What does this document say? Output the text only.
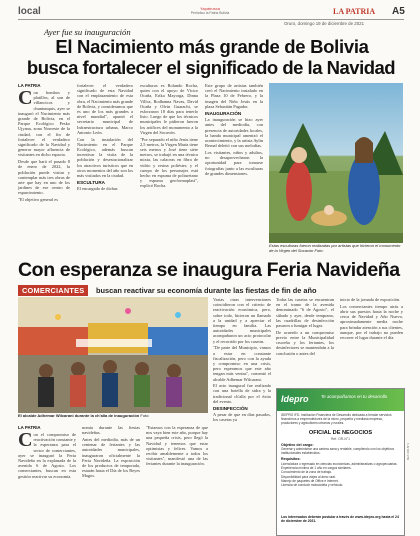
local	Yapatrusca
Periódico la Patria Bolivia	LA PATRIA A5
Oruro, domingo 19 de diciembre de 2021
Ayer fue su inauguración
El Nacimiento más grande de Bolivia
busca fortalecer el significado de la Navidad
LA PATRIA

Con bombos y platillos, al son de villancicos y chuntunquis, ayer se inauguró el Nacimiento más grande de Bolivia, en el Parque Ecológico Pesko Ujyana, zona Noroeste de la ciudad, con el fin de fortalecer el verdadero significado de la Navidad y generar mayor afluencia de visitantes en dicho espacio.

Desde que hará el pasado 8 de enero de 2022, la población puede visitar y contemplar más tres obras de arte que hay en uno de los jardines de ese centro de esparcimiento.

"El objetivo general es

fortalecer el verdadero significado de esta Navidad con el emplazamiento de esta obra, el Nacimiento más grande de Bolivia, y consideramos que es uno de los más grandes a nivel mundial", apuntó el secretario municipal de Infraestructura urbana, Marco Antonio León.

Con la instalación del Nacimiento en el Parque Ecológico, además buscan incentivar la visita de la población y desestacionalizar los atractivos turísticos que en otros momentos del año son los más visitados en la ciudad.

ESCULTURA

El encargado de dichas

esculturas es Rolando Rocha, quien con el apoyo de Víctor Ocaña, Erika Mayorga, Dinna Villca, Rodhanna Navas, David Ocaña y Olvin Guarachi, se esforzaron 18 días para tenerlo listo. Luego de que los técnicos municipales le pidieron fueron los artífices del monumento a la Virgen del Socavón.

"Por separado el niño Jesús tiene 2,5 metros, la Virgen María tiene seis metros y José tiene siete metros, se trabajó en una técnica mixta, las calaceas en fibra de vidrio y resina poliéster, y el cuerpo de los personajes está hecho en espuma de poliuretano y espuma geoformaplast", explicó Rocha.

Este grupo de artistas también creó el Nacimiento instalado en la Plaza 10 de Febrero, y la imagen del Niño Jesús en la plaza Sebastián Pagador.

INAUGURACIÓN

La inauguración se hizo ayer antes del mediodía, con presencia de autoridades locales, la banda municipal amenizó el acontecimiento, y la artista Aylin Bernal deleitó con sus melodías.

Los visitantes, niños y adultos, no desaprovecharon la oportunidad para tomarse fotografías junto a las esculturas de grandes dimensiones.

Estas esculturas fueron realizadas por artistas que hicieron el monumento de la Virgen del Socavón Foto:
Con esperanza se inaugura Feria Navideña
COMERCIANTES	buscan reactivar su economía durante las fiestas de fin de año
El alcalde Adhemar Wilcarani durante la ch'alla de inauguración Foto:

Varias otras intervenciones coincidieron con el criterio de reactivación económica, pero, sobre todo, hicieron un llamado a la unidad y a apreciar el tiempo en familia. Las autoridades municipales acompañaron un acto protocolar y el recorrido por los casetas.

"De parte del Municipio, vamos a estar en constante fiscalización, pero con la ayuda y compromiso en una crisis, pero esperamos que este año tengan más ventas", comentó el alcalde Adhemar Wilcarani.

El acto inaugural fue realizado con una botella de sidra y la tradicional ch'alla por el éxito del evento.

DESINFECCIÓN

A pesar de que en días pasados, los casetas ya

Todas las casetas se encuentran en el tramo de la avenida denominado "6 de Agosto", el sábado y ayer, desde temprano, las cuadrillas de desinfección pasaron a fumigar el lugar.

De acuerdo a un compromiso previo entre la Municipalidad cruceña y los feriantes, los desinfectores se mantendrán a la conclusión o antes del

inicio de la jornada de exposición.

Los comerciantes tiempo atrás a abrir sus puestos hasta la noche y cerca de Navidad y Año Nuevo, aproximadamente media noche para brindar atención a sus clientes, aunque, por el trabajo no pueden recorrer el lugar durante el día.

LA PATRIA

Con el compromiso de reactivación constante y la esperanza para el sector de comerciantes, ayer se inauguró la Feria Navideña en la explanada de la avenida 6 de Agosto. Los comerciantes, buscan en esta gestión reactivar su economía.

nomía durante las fiestas navideñas.

Antes del mediodía, más de un centenar de feriantes y las autoridades municipales, inauguraron oficialmente la Feria Navideña. La exposición de los productos de temporada, estarán hasta el Día de los Reyes Magos.

"Estamos con la esperanza de que nos vaya bien este año, porque hay una pequeña crisis, pero llegó la Navidad y tenemos que estar optimistas y felices. Vamos a recibir amablemente a todos los visitantes", manifestó una de las feriantes durante la inauguración.

Idepro	Te acompañamos en tu desarrollo
IDEPRO IFD. Institución Financiera de Desarrollo dedicada a brindar servicios financieros a emprendedores de la micro, pequeña y mediana empresa, productores y agricultores urbanos y rurales.
OFICIAL DE NEGOCIOS
Ref. OR-N°1
Objetivo del cargo:
Generar y administrar una cartera sana y rentable, cumpliendo con los objetivos institucionales establecidos.
Requisitos:
Licenciatura o egresado en ciencias económicas, administrativas o agropecuarias.
Experiencia mínima de 1 año en cargos similares.
Conocimiento de la zona de trabajo.
Disponibilidad para viajes al área rural.
Manejo de paquetes de Office e Internet.
Licencia de conducir motocicleta y vehículo.
Los interesados deberán postular a través de www.idepro.org hasta el 24 de diciembre de 2021.
Ref. OR-N°1
